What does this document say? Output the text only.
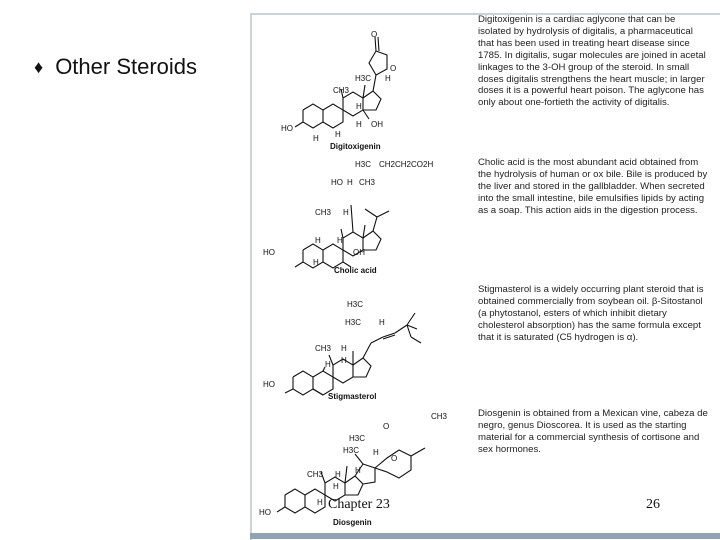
♦ Other Steroids
O
O
H3C H
CH3
H
H
H
HO	OH
H
H3C CH2CH2CO2H
HO H CH3
CH3 H
H
H
HO	OH
H
H3C
H3C H
CH3 H
H
H
HO
CH3
O
H3C
H3C H
O
CH3 H H
H
H
HO
Digitoxigenin
Cholic acid
Stigmasterol
Diosgenin

Digitoxigenin is a cardiac aglycone that can be isolated by hydrolysis of digitalis, a pharmaceutical that has been used in treating heart disease since 1785. In digitalis, sugar molecules are joined in acetal linkages to the 3-OH group of the steroid. In small doses digitalis strengthens the heart muscle; in larger doses it is a powerful heart poison. The aglycone has only about one-fortieth the activity of digitalis.

Cholic acid is the most abundant acid obtained from the hydrolysis of human or ox bile. Bile is produced by the liver and stored in the gallbladder. When secreted into the small intestine, bile emulsifies lipids by acting as a soap. This action aids in the digestion process.

Stigmasterol is a widely occurring plant steroid that is obtained commercially from soybean oil. β-Sitostanol (a phytostanol, esters of which inhibit dietary cholesterol absorption) has the same formula except that it is saturated (C5 hydrogen is α).

Diosgenin is obtained from a Mexican vine, cabeza de negro, genus Dioscorea. It is used as the starting material for a commercial synthesis of cortisone and sex hormones.

Chapter 23	26
